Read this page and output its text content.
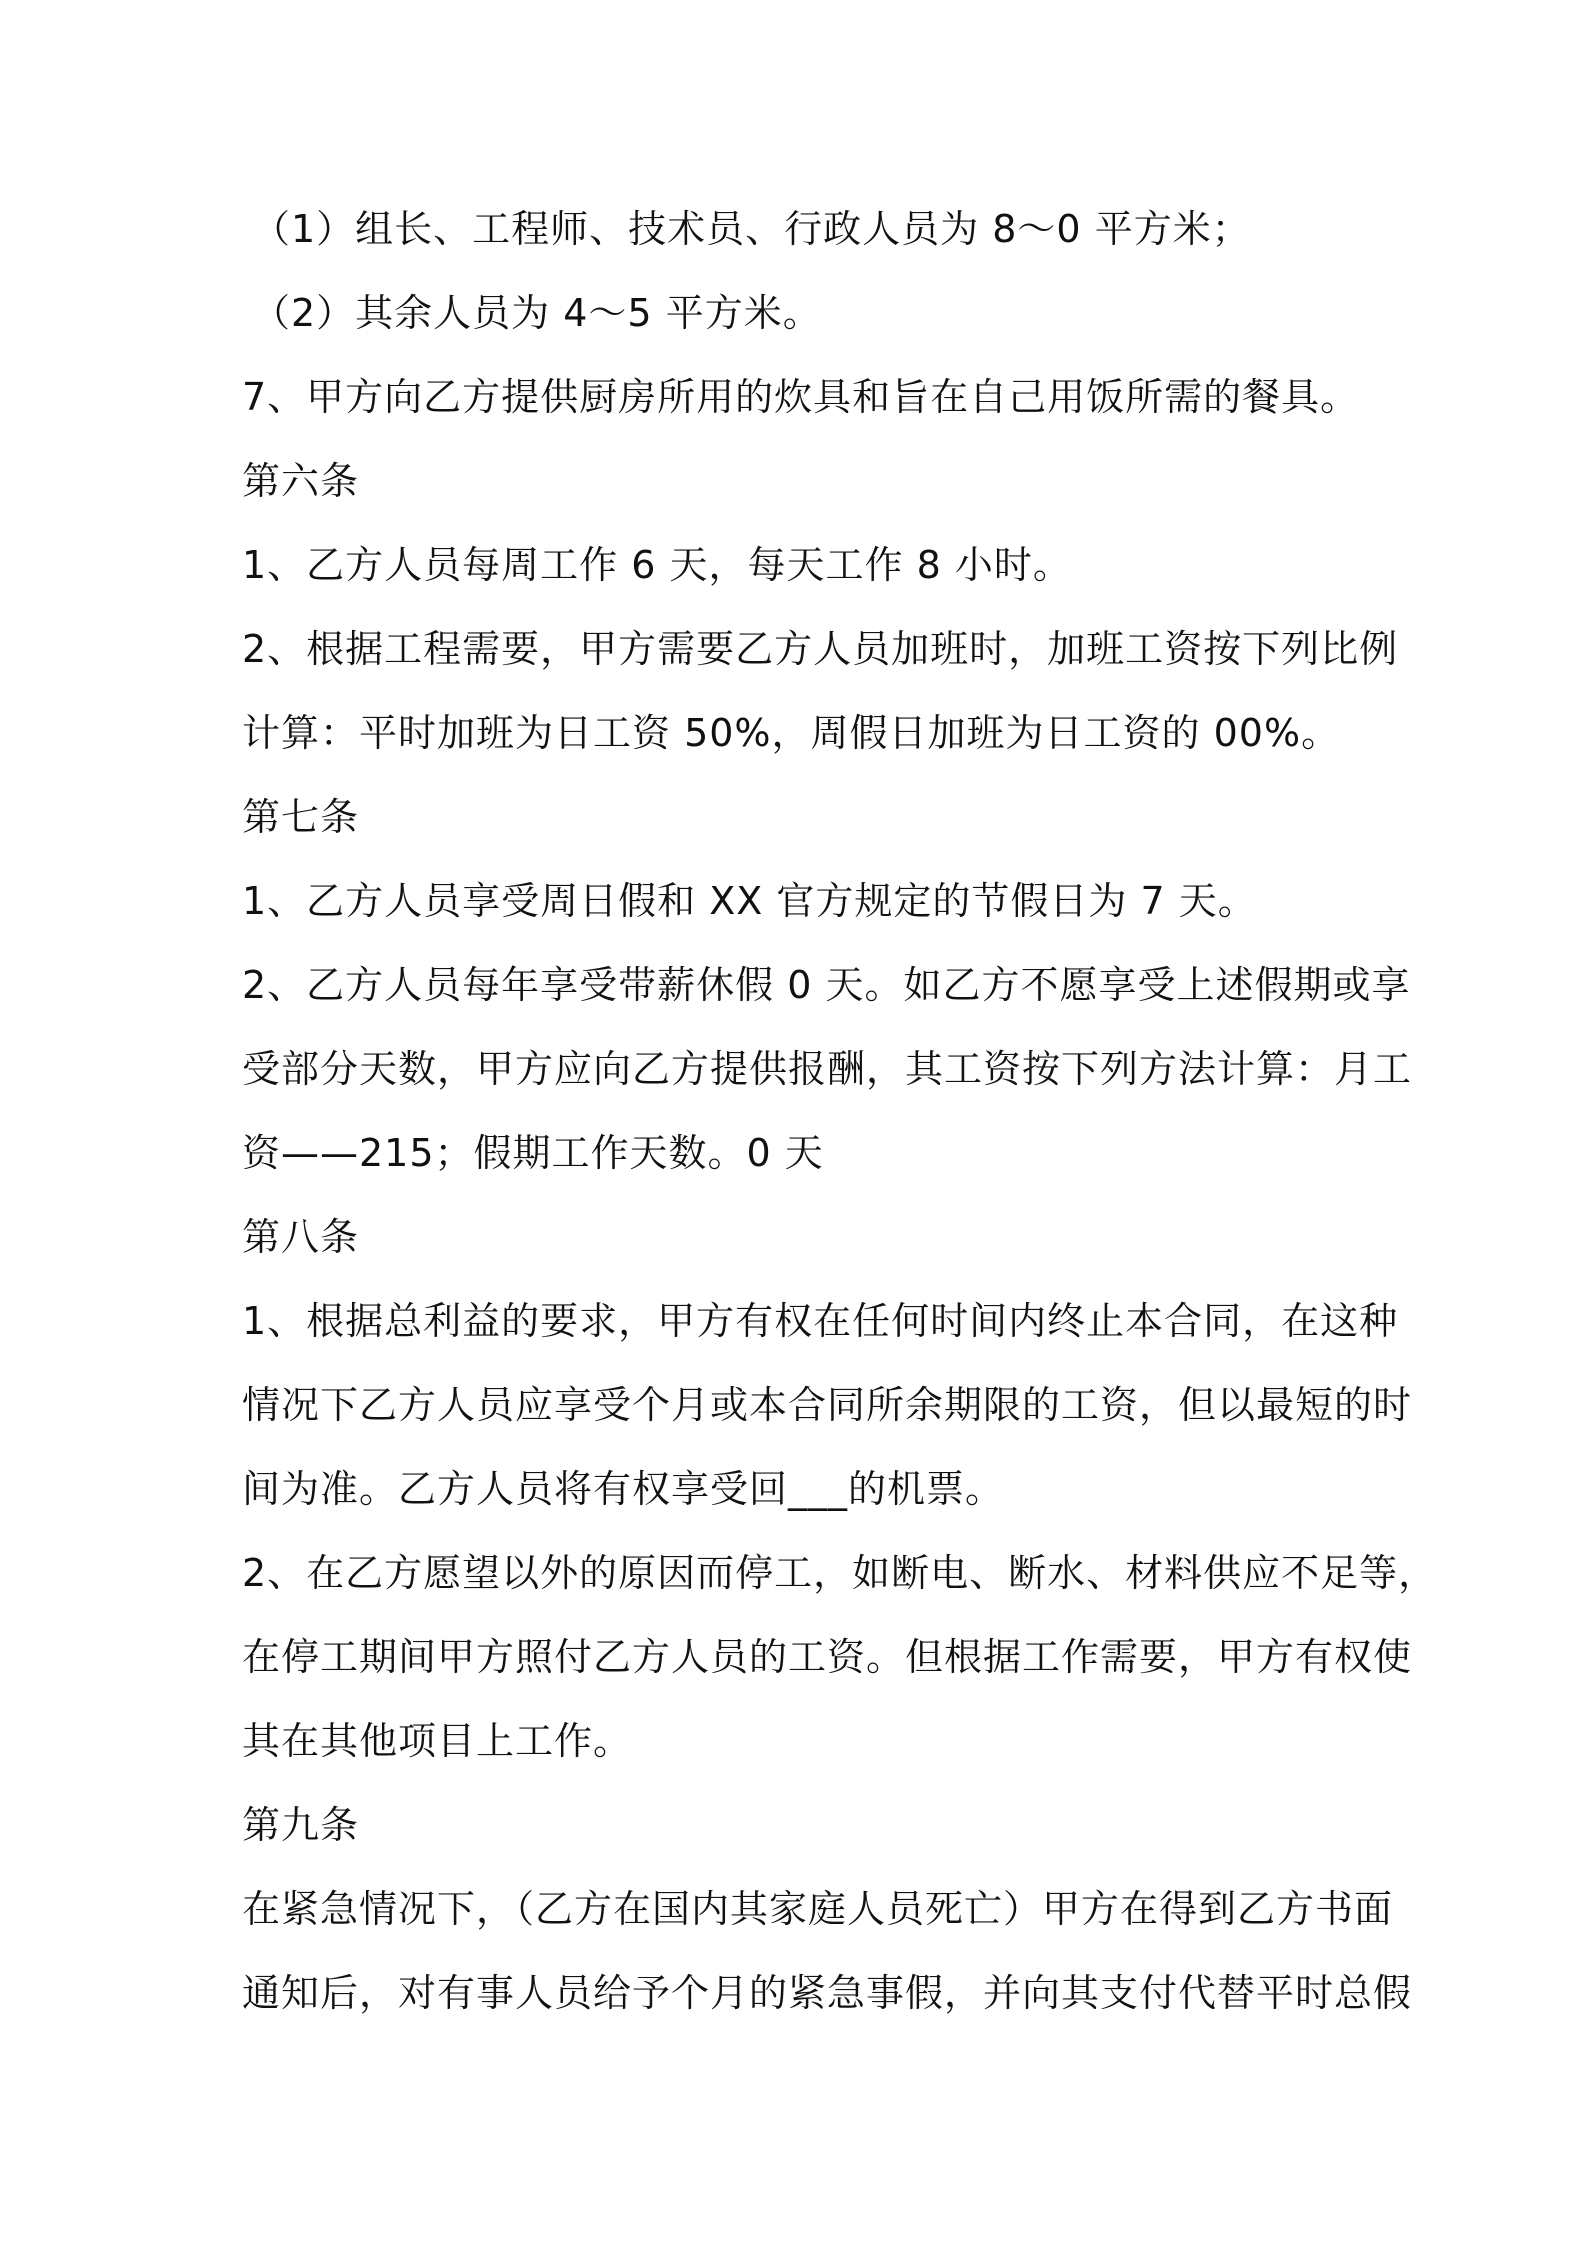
（1）组长、工程师、技术员、行政人员为 8～0 平方米；
（2）其余人员为 4～5 平方米。
7、甲方向乙方提供厨房所用的炊具和旨在自己用饭所需的餐具。
第六条
1、乙方人员每周工作 6 天，每天工作 8 小时。
2、根据工程需要，甲方需要乙方人员加班时，加班工资按下列比例
计算：平时加班为日工资 50%，周假日加班为日工资的 00%。
第七条
1、乙方人员享受周日假和 XX 官方规定的节假日为 7 天。
2、乙方人员每年享受带薪休假 0 天。如乙方不愿享受上述假期或享
受部分天数，甲方应向乙方提供报酬，其工资按下列方法计算：月工
资——215；假期工作天数。0 天
第八条
1、根据总利益的要求，甲方有权在任何时间内终止本合同，在这种
情况下乙方人员应享受个月或本合同所余期限的工资，但以最短的时
间为准。乙方人员将有权享受回___的机票。
2、在乙方愿望以外的原因而停工，如断电、断水、材料供应不足等，
在停工期间甲方照付乙方人员的工资。但根据工作需要，甲方有权使
其在其他项目上工作。
第九条
在紧急情况下，（乙方在国内其家庭人员死亡）甲方在得到乙方书面
通知后，对有事人员给予个月的紧急事假，并向其支付代替平时总假
